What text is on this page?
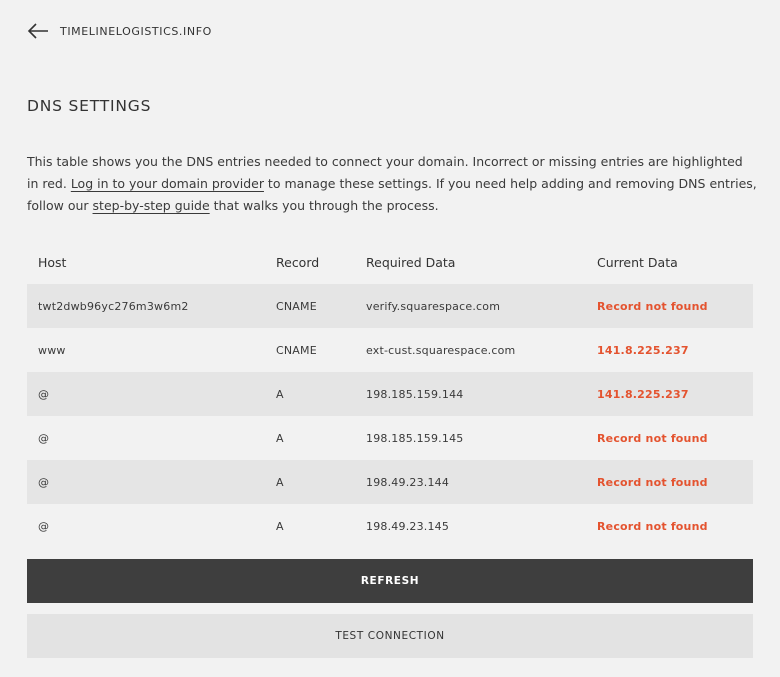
TIMELINELOGISTICS.INFO
DNS SETTINGS

This table shows you the DNS entries needed to connect your domain. Incorrect or missing entries are highlighted in red. Log in to your domain provider to manage these settings. If you need help adding and removing DNS entries, follow our step-by-step guide that walks you through the process.

Host	Record	Required Data	Current Data
twt2dwb96yc276m3w6m2	CNAME	verify.squarespace.com	Record not found
www	CNAME	ext-cust.squarespace.com	141.8.225.237
@	A	198.185.159.144	141.8.225.237
@	A	198.185.159.145	Record not found
@	A	198.49.23.144	Record not found
@	A	198.49.23.145	Record not found
REFRESH
TEST CONNECTION
